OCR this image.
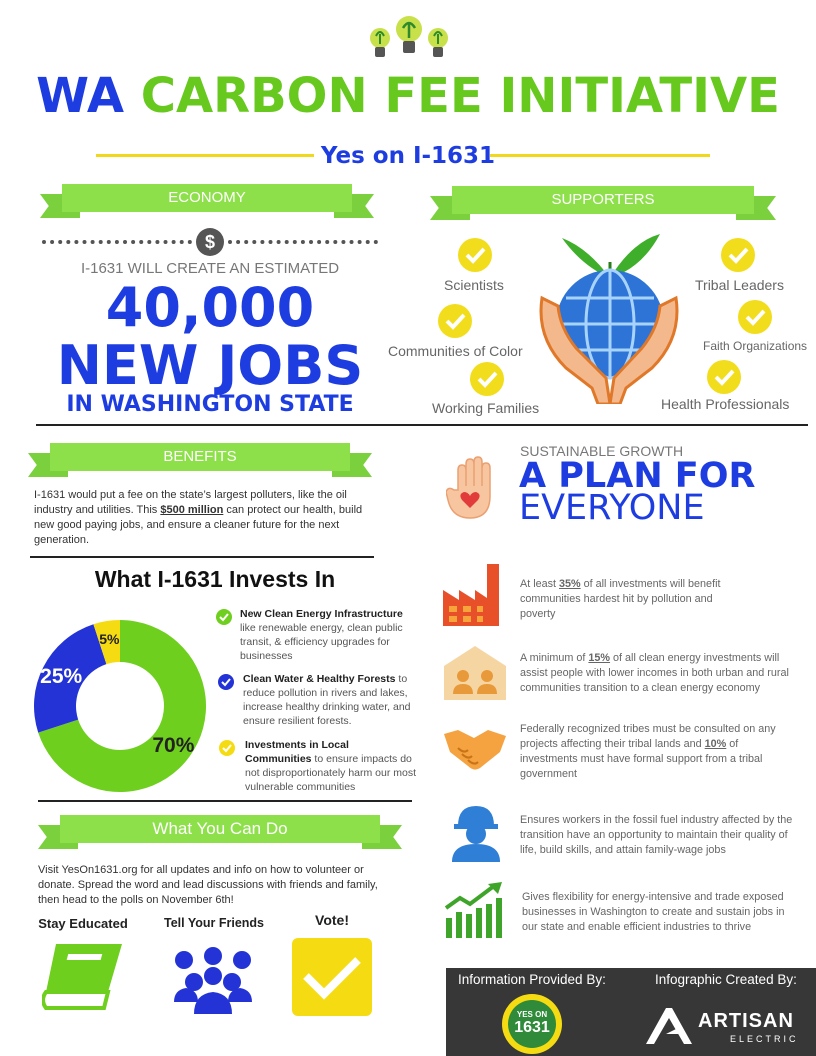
WA CARBON FEE INITIATIVE
Yes on I-1631
ECONOMY
$
I-1631 WILL CREATE AN ESTIMATED
40,000
NEW JOBS
IN WASHINGTON STATE
SUPPORTERS
Scientists
Communities of Color
Working Families
Tribal Leaders
Faith Organizations
Health Professionals
BENEFITS

I-1631 would put a fee on the state’s largest polluters, like the oil industry and utilities. This $500 million can protect our health, build new good paying jobs, and ensure a cleaner future for the next generation.

What I-1631 Invests In
70%
25%
5%
New Clean Energy Infrastructure like renewable energy, clean public transit, & efficiency upgrades for businesses
Clean Water & Healthy Forests to reduce pollution in rivers and lakes, increase healthy drinking water, and ensure resilient forests.
Investments in Local Communities to ensure impacts do not disproportionately harm our most vulnerable communities
What You Can Do

Visit YesOn1631.org for all updates and info on how to volunteer or donate. Spread the word and lead discussions with friends and family, then head to the polls on November 6th!

Stay Educated	Tell Your Friends	Vote!
SUSTAINABLE GROWTH
A PLAN FOR
EVERYONE
At least 35% of all investments will benefit communities hardest hit by pollution and poverty
A minimum of 15% of all clean energy investments will assist people with lower incomes in both urban and rural communities transition to a clean energy economy
Federally recognized tribes must be consulted on any projects affecting their tribal lands and 10% of investments must have formal support from a tribal government
Ensures workers in the fossil fuel industry affected by the transition have an opportunity to maintain their quality of life, build skills, and attain family-wage jobs
Gives flexibility for energy-intensive and trade exposed businesses in Washington to create and sustain jobs in our state and enable efficient industries to thrive
Information Provided By:	Infographic Created By:
YES ON
1631	ARTISAN
ELECTRIC
